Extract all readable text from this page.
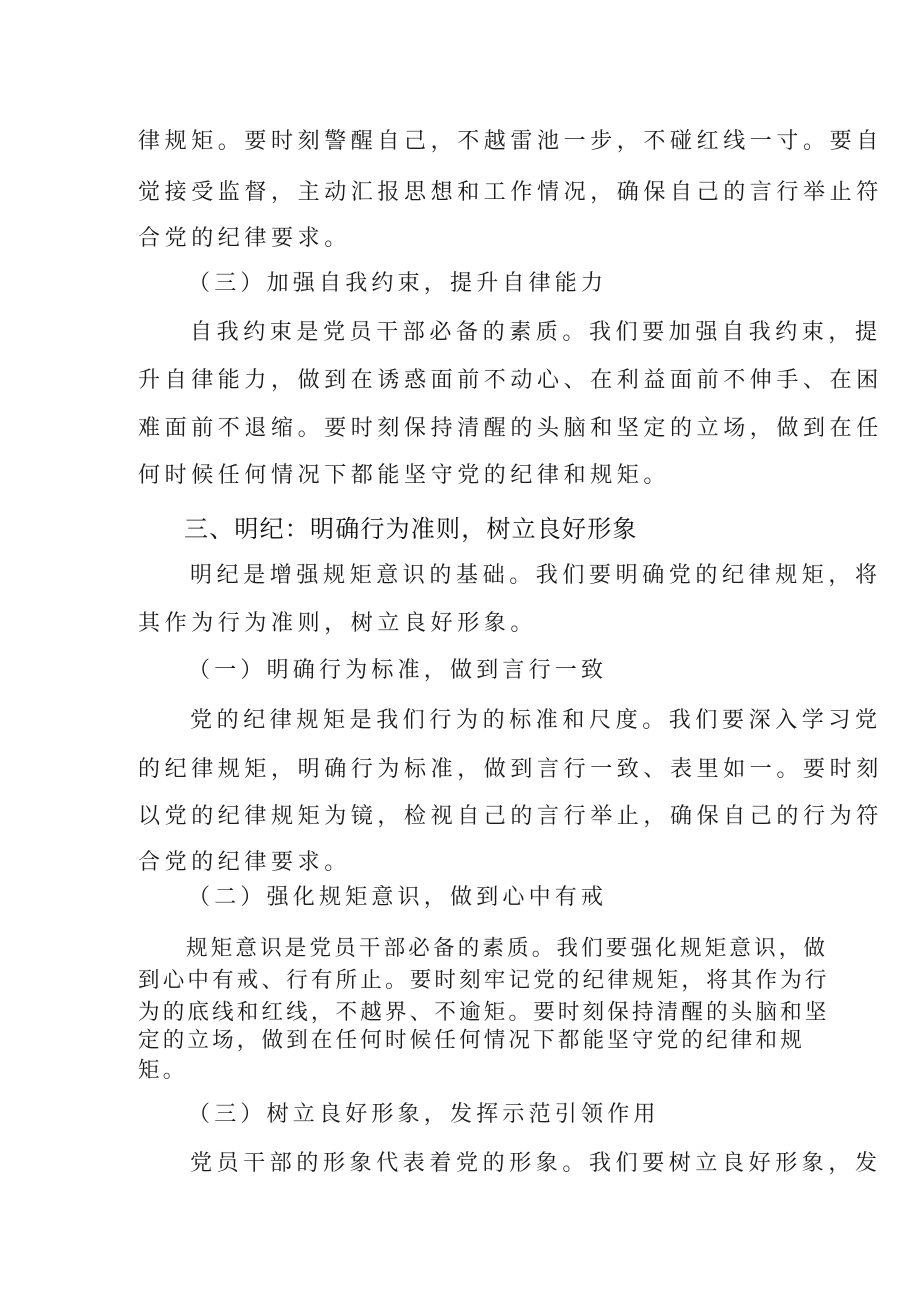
律规矩。要时刻警醒自己，不越雷池一步，不碰红线一寸。要自
觉接受监督，主动汇报思想和工作情况，确保自己的言行举止符
合党的纪律要求。
（三）加强自我约束，提升自律能力
自我约束是党员干部必备的素质。我们要加强自我约束，提
升自律能力，做到在诱惑面前不动心、在利益面前不伸手、在困
难面前不退缩。要时刻保持清醒的头脑和坚定的立场，做到在任
何时候任何情况下都能坚守党的纪律和规矩。
三、明纪：明确行为准则，树立良好形象
明纪是增强规矩意识的基础。我们要明确党的纪律规矩，将
其作为行为准则，树立良好形象。
（一）明确行为标准，做到言行一致
党的纪律规矩是我们行为的标准和尺度。我们要深入学习党
的纪律规矩，明确行为标准，做到言行一致、表里如一。要时刻
以党的纪律规矩为镜，检视自己的言行举止，确保自己的行为符
合党的纪律要求。
（二）强化规矩意识，做到心中有戒
规矩意识是党员干部必备的素质。我们要强化规矩意识，做
到心中有戒、行有所止。要时刻牢记党的纪律规矩，将其作为行
为的底线和红线，不越界、不逾矩。要时刻保持清醒的头脑和坚
定的立场，做到在任何时候任何情况下都能坚守党的纪律和规
矩。
（三）树立良好形象，发挥示范引领作用
党员干部的形象代表着党的形象。我们要树立良好形象，发
